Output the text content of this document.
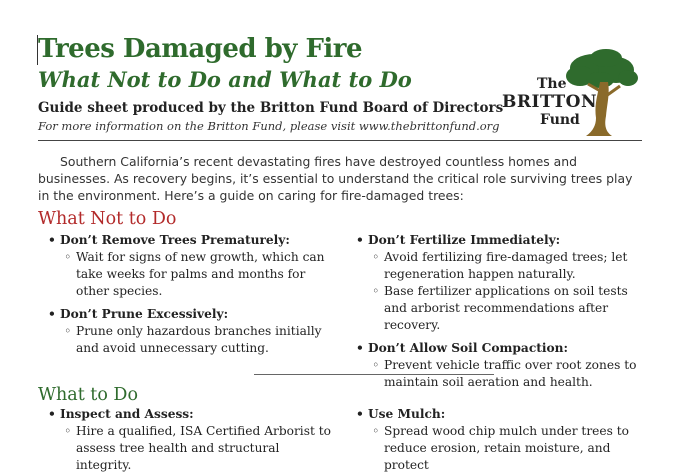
Trees Damaged by Fire
What Not to Do and What to Do
Guide sheet produced by the Britton Fund Board of Directors
For more information on the Britton Fund, please visit www.thebrittonfund.org
The
BRITTON
Fund

Southern California’s recent devastating fires have destroyed countless homes and businesses. As recovery begins, it’s essential to understand the critical role surviving trees play in the environment. Here’s a guide on caring for fire-damaged trees:

What Not to Do
• Don’t Remove Trees Prematurely:
◦ Wait for signs of new growth, which can take weeks for palms and months for other species.
• Don’t Prune Excessively:
◦ Prune only hazardous branches initially and avoid unnecessary cutting.
• Don’t Fertilize Immediately:
◦ Avoid fertilizing fire-damaged trees; let regeneration happen naturally.
◦ Base fertilizer applications on soil tests and arborist recommendations after recovery.
• Don’t Allow Soil Compaction:
◦ Prevent vehicle traffic over root zones to maintain soil aeration and health.
What to Do
• Inspect and Assess:
◦ Hire a qualified, ISA Certified Arborist to assess tree health and structural integrity.
• Use Mulch:
◦ Spread wood chip mulch under trees to reduce erosion, retain moisture, and protect
